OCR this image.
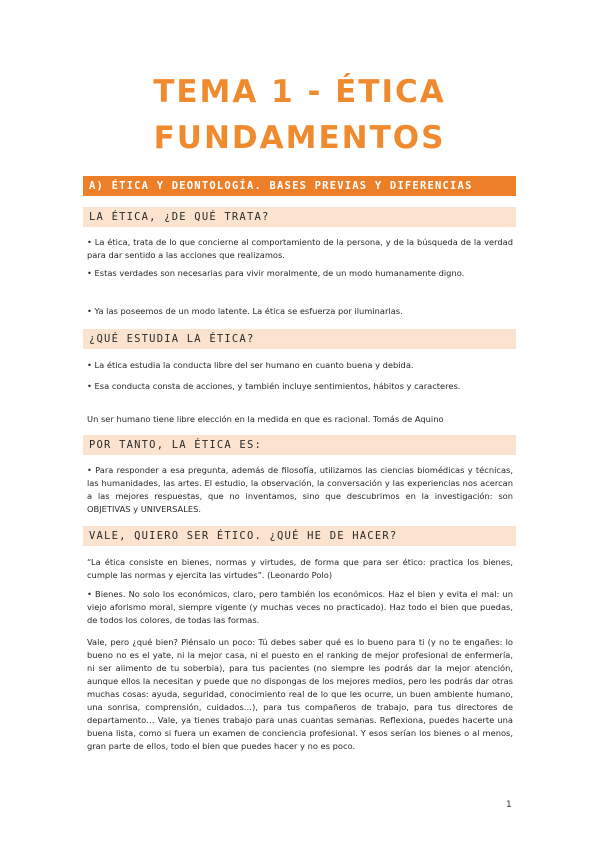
TEMA 1 - ÉTICA
FUNDAMENTOS
A) ÉTICA Y DEONTOLOGÍA. BASES PREVIAS Y DIFERENCIAS
LA ÉTICA, ¿DE QUÉ TRATA?

• La ética, trata de lo que concierne al comportamiento de la persona, y de la búsqueda de la verdad para dar sentido a las acciones que realizamos.

• Estas verdades son necesarias para vivir moralmente, de un modo humanamente digno.

• Ya las poseemos de un modo latente. La ética se esfuerza por iluminarlas.

¿QUÉ ESTUDIA LA ÉTICA?

• La ética estudia la conducta libre del ser humano en cuanto buena y debida.

• Esa conducta consta de acciones, y también incluye sentimientos, hábitos y caracteres.

Un ser humano tiene libre elección en la medida en que es racional. Tomás de Aquino

POR TANTO, LA ÉTICA ES:

• Para responder a esa pregunta, además de filosofía, utilizamos las ciencias biomédicas y técnicas, las humanidades, las artes. El estudio, la observación, la conversación y las experiencias nos acercan a las mejores respuestas, que no inventamos, sino que descubrimos en la investigación: son OBJETIVAS y UNIVERSALES.

VALE, QUIERO SER ÉTICO. ¿QUÉ HE DE HACER?

“La ética consiste en bienes, normas y virtudes, de forma que para ser ético: practica los bienes, cumple las normas y ejercita las virtudes”. (Leonardo Polo)

• Bienes. No solo los económicos, claro, pero también los económicos. Haz el bien y evita el mal: un viejo aforismo moral, siempre vigente (y muchas veces no practicado). Haz todo el bien que puedas, de todos los colores, de todas las formas.

Vale, pero ¿qué bien? Piénsalo un poco: Tú debes saber qué es lo bueno para ti (y no te engañes: lo bueno no es el yate, ni la mejor casa, ni el puesto en el ranking de mejor profesional de enfermería, ni ser alimento de tu soberbia), para tus pacientes (no siempre les podrás dar la mejor atención, aunque ellos la necesitan y puede que no dispongas de los mejores medios, pero les podrás dar otras muchas cosas: ayuda, seguridad, conocimiento real de lo que les ocurre, un buen ambiente humano, una sonrisa, comprensión, cuidados…), para tus compañeros de trabajo, para tus directores de departamento… Vale, ya tienes trabajo para unas cuantas semanas. Reflexiona, puedes hacerte una buena lista, como si fuera un examen de conciencia profesional. Y esos serían los bienes o al menos, gran parte de ellos, todo el bien que puedes hacer y no es poco.

1
